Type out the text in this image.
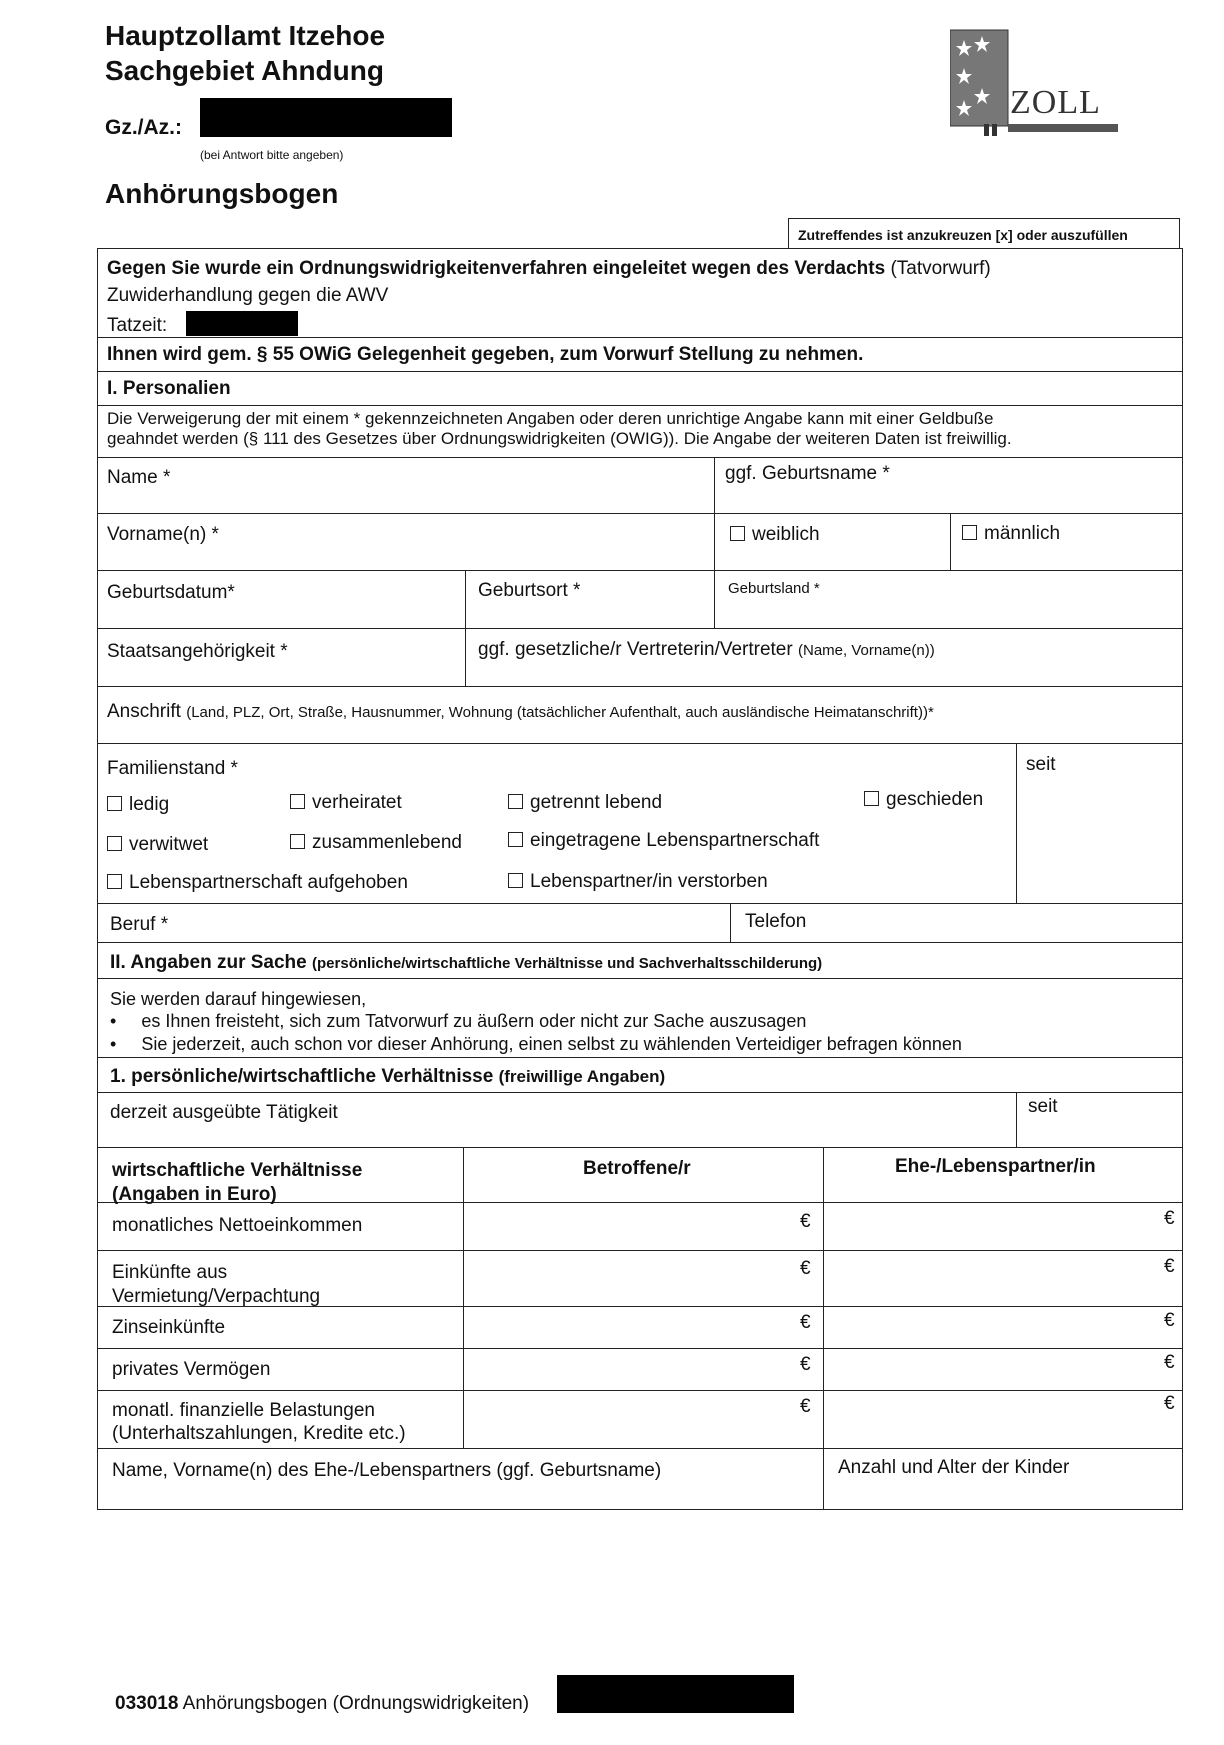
Hauptzollamt Itzehoe
Sachgebiet Ahndung
Gz./Az.:
(bei Antwort bitte angeben)
Anhörungsbogen
ZOLL
Zutreffendes ist anzukreuzen [x] oder auszufüllen
Gegen Sie wurde ein Ordnungswidrigkeitenverfahren eingeleitet wegen des Verdachts (Tatvorwurf)
Zuwiderhandlung gegen die AWV
Tatzeit:
Ihnen wird gem. § 55 OWiG Gelegenheit gegeben, zum Vorwurf Stellung zu nehmen.
I. Personalien
Die Verweigerung der mit einem * gekennzeichneten Angaben oder deren unrichtige Angabe kann mit einer Geldbuße
geahndet werden (§ 111 des Gesetzes über Ordnungswidrigkeiten (OWIG)). Die Angabe der weiteren Daten ist freiwillig.
Name *	ggf. Geburtsname *
Vorname(n) *	weiblich	männlich
Geburtsdatum*	Geburtsort *	Geburtsland *
Staatsangehörigkeit *	ggf. gesetzliche/r Vertreterin/Vertreter (Name, Vorname(n))
Anschrift (Land, PLZ, Ort, Straße, Hausnummer, Wohnung (tatsächlicher Aufenthalt, auch ausländische Heimatanschrift))*
Familienstand *	seit
ledig	verheiratet	getrennt lebend	geschieden
verwitwet	zusammenlebend	eingetragene Lebenspartnerschaft
Lebenspartnerschaft aufgehoben	Lebenspartner/in verstorben
Beruf *	Telefon
II. Angaben zur Sache (persönliche/wirtschaftliche Verhältnisse und Sachverhaltsschilderung)
Sie werden darauf hingewiesen,
• es Ihnen freisteht, sich zum Tatvorwurf zu äußern oder nicht zur Sache auszusagen
• Sie jederzeit, auch schon vor dieser Anhörung, einen selbst zu wählenden Verteidiger befragen können
1. persönliche/wirtschaftliche Verhältnisse (freiwillige Angaben)
derzeit ausgeübte Tätigkeit	seit
wirtschaftliche Verhältnisse
(Angaben in Euro)
Betroffene/r	Ehe-/Lebenspartner/in
monatliches Nettoeinkommen	€	€
Einkünfte aus
Vermietung/Verpachtung
€	€
Zinseinkünfte	€	€
privates Vermögen	€	€
monatl. finanzielle Belastungen
(Unterhaltszahlungen, Kredite etc.)
€	€
Name, Vorname(n) des Ehe-/Lebenspartners (ggf. Geburtsname)	Anzahl und Alter der Kinder
033018 Anhörungsbogen (Ordnungswidrigkeiten)
